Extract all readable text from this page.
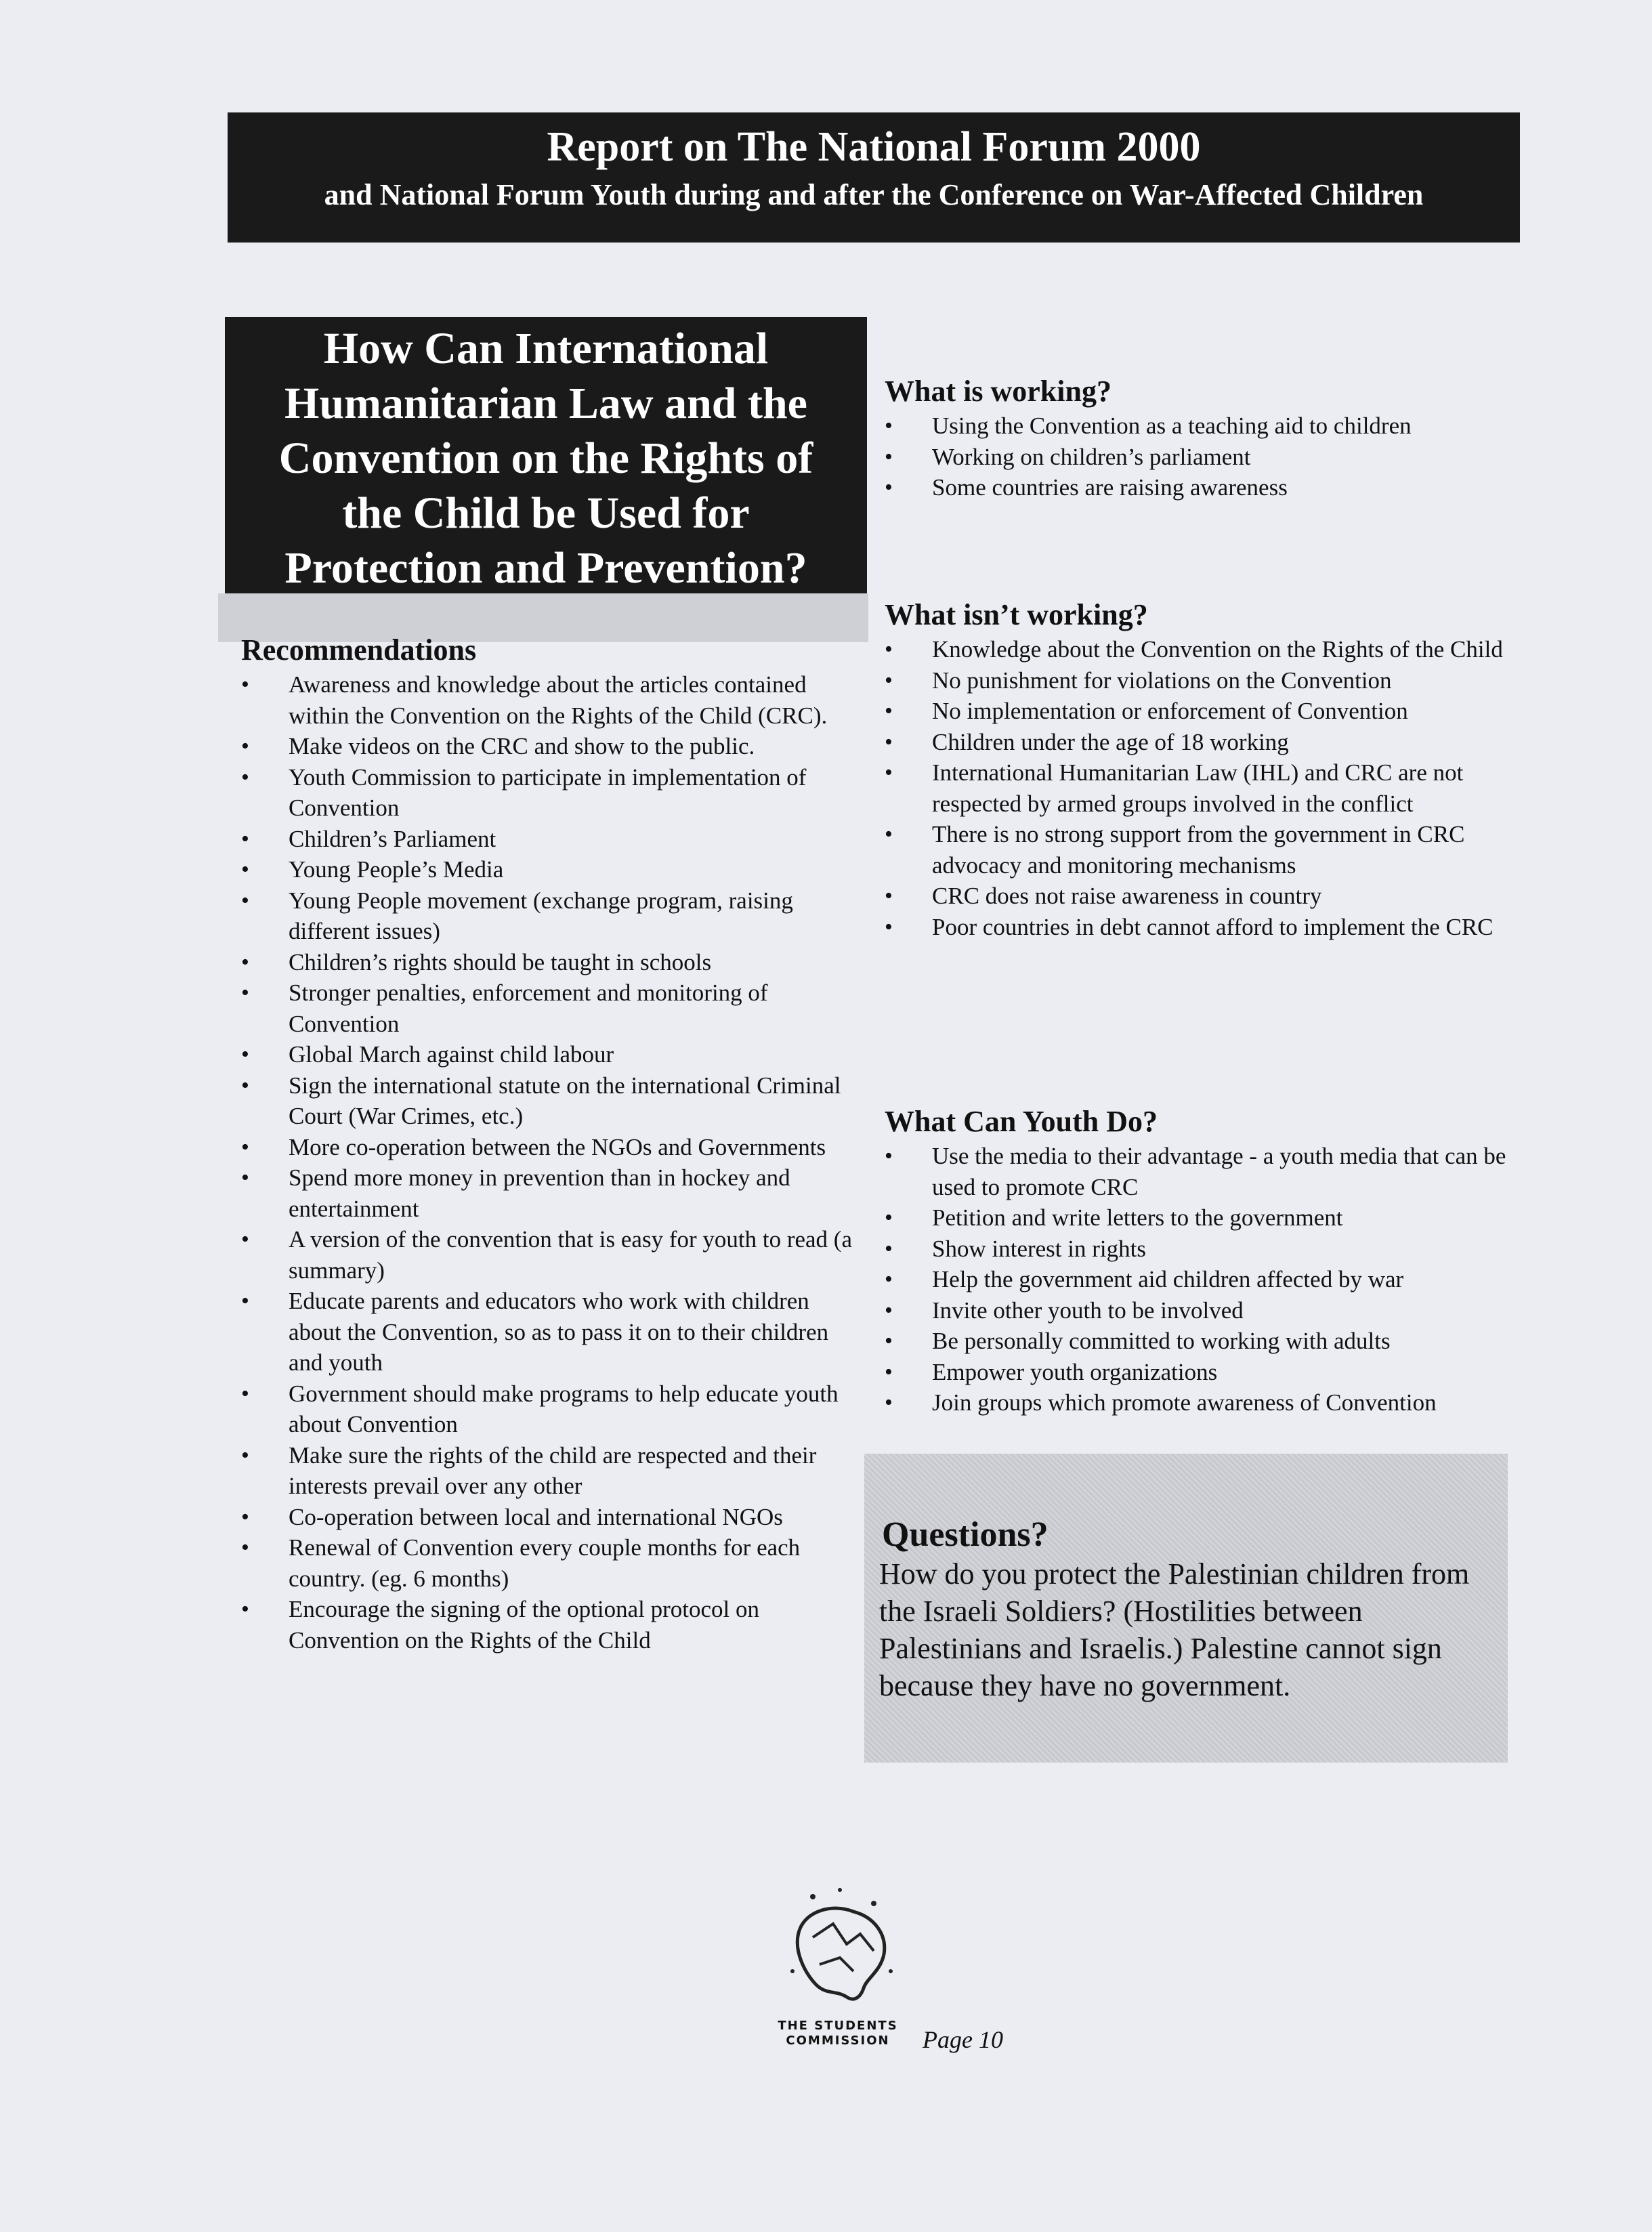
Report on The National Forum 2000
and National Forum Youth during and after the Conference on War-Affected Children
How Can International
Humanitarian Law and the
Convention on the Rights of
the Child be Used for
Protection and Prevention?
Recommendations
• Awareness and knowledge about the articles contained within the Convention on the Rights of the Child (CRC).
• Make videos on the CRC and show to the public.
• Youth Commission to participate in implementation of Convention
• Children’s Parliament
• Young People’s Media
• Young People movement (exchange program, raising different issues)
• Children’s rights should be taught in schools
• Stronger penalties, enforcement and monitoring of Convention
• Global March against child labour
• Sign the international statute on the international Criminal Court (War Crimes, etc.)
• More co-operation between the NGOs and Governments
• Spend more money in prevention than in hockey and entertainment
• A version of the convention that is easy for youth to read (a summary)
• Educate parents and educators who work with children about the Convention, so as to pass it on to their children and youth
• Government should make programs to help educate youth about Convention
• Make sure the rights of the child are respected and their interests prevail over any other
• Co-operation between local and international NGOs
• Renewal of Convention every couple months for each country. (eg. 6 months)
• Encourage the signing of the optional protocol on Convention on the Rights of the Child
What is working?
• Using the Convention as a teaching aid to children
• Working on children’s parliament
• Some countries are raising awareness
What isn’t working?
• Knowledge about the Convention on the Rights of the Child
• No punishment for violations on the Convention
• No implementation or enforcement of Convention
• Children under the age of 18 working
• International Humanitarian Law (IHL) and CRC are not respected by armed groups involved in the conflict
• There is no strong support from the government in CRC advocacy and monitoring mechanisms
• CRC does not raise awareness in country
• Poor countries in debt cannot afford to implement the CRC
What Can Youth Do?
• Use the media to their advantage - a youth media that can be used to promote CRC
• Petition and write letters to the government
• Show interest in rights
• Help the government aid children affected by war
• Invite other youth to be involved
• Be personally committed to working with adults
• Empower youth organizations
• Join groups which promote awareness of Convention
Questions?
How do you protect the Palestinian children from the Israeli Soldiers? (Hostilities between Palestinians and Israelis.) Palestine cannot sign because they have no government.
THE STUDENTS COMMISSION	Page 10
